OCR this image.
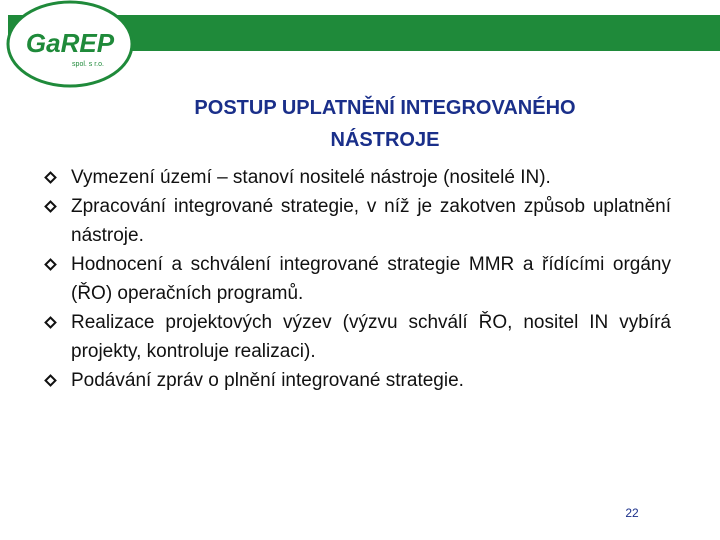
GaREP
spol. s r.o.
POSTUP UPLATNĚNÍ INTEGROVANÉHO
NÁSTROJE
Vymezení území – stanoví nositelé nástroje (nositelé IN).
Zpracování integrované strategie, v níž je zakotven způsob uplatnění nástroje.
Hodnocení a schválení integrované strategie MMR a řídícími orgány (ŘO) operačních programů.
Realizace projektových výzev (výzvu schválí ŘO, nositel IN vybírá projekty, kontroluje realizaci).
Podávání zpráv o plnění integrované strategie.
22
